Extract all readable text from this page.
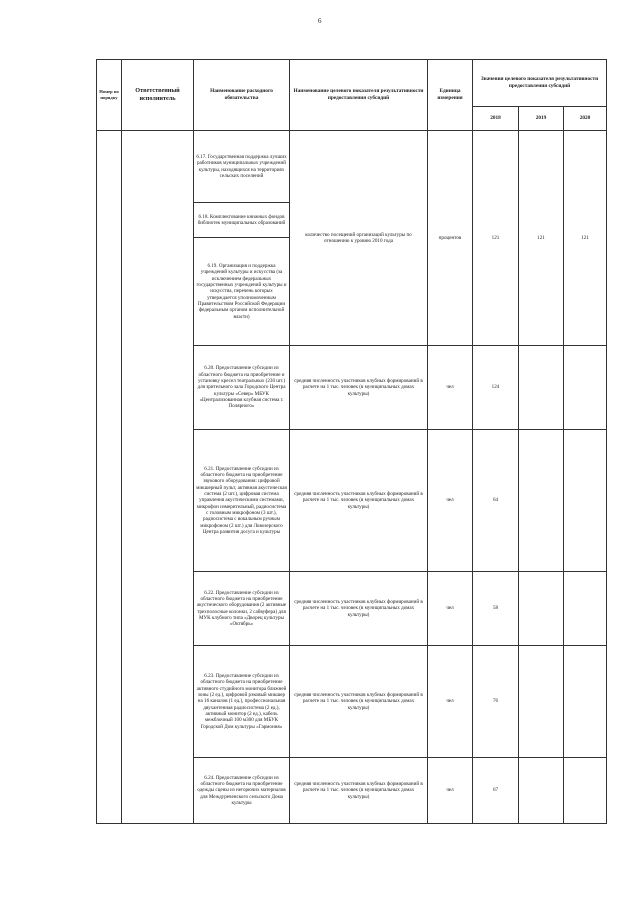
6
Номер по порядку	Ответственный исполнитель	Наименование расходного обязательства	Наименование целевого показателя результативности предоставления субсидий	Единица измерения	Значения целевого показателя результативности предоставления субсидий		
					2018	2019	2020
		6.17. Государственная поддержка лучших работников муниципальных учреждений культуры, находящихся на территориях сельских поселений	количество посещений организаций культуры по отношению к уровню 2010 года	процентов	121	121	121
		6.18. Комплектование книжных фондов библиотек муниципальных образований					
		6.19. Организация и поддержка учреждений культуры и искусства (за исключением федеральных государственных учреждений культуры и искусства, перечень которых утверждается уполномоченным Правительством Российской Федерации федеральным органом исполнительной власти)					
		6.20. Предоставление субсидии из областного бюджета на приобретение и установку кресел театральных (230 шт.) для зрительного зала Городского Центра культуры «Север» МБУК «Централизованная клубная система г. Полярного»	средняя численность участников клубных формирований в расчете на 1 тыс. человек (в муниципальных домах культуры)	чел	124		
		6.21. Предоставление субсидии из областного бюджета на приобретение звукового оборудования: цифровой микшерный пульт, активная акустическая система (2 шт.), цифровая система управления акустическими системами, микрофон измерительный, радиосистема с головным микрофоном (3 шт.), радиосистема с вокальным ручным микрофоном (2 шт.) для Ловозерского Центра развития досуга и культуры	средняя численность участников клубных формирований в расчете на 1 тыс. человек (в муниципальных домах культуры)	чел	64		
		6.22. Предоставление субсидии из областного бюджета на приобретение акустического оборудования (2 активные трехполосные колонки, 2 сабвуфера) для МУК клубного типа «Дворец культуры «Октябрь»	средняя численность участников клубных формирований в расчете на 1 тыс. человек (в муниципальных домах культуры)	чел	58		
		6.23. Предоставление субсидии из областного бюджета на приобретение активного студийного монитора ближней зоны (2 ед.), цифровой рэковый микшер на 16 каналов (1 ед.), профессиональная двухантенная радиосистема (2 ед.), активный монитор (2 ед.), кабель межблочный 100 м300 для МБУК Городской Дом культуры «Гармония»	средняя численность участников клубных формирований в расчете на 1 тыс. человек (в муниципальных домах культуры)	чел	76		
		6.24. Предоставление субсидии из областного бюджета на приобретение одежды сцены из негорючих материалов для Междуреченского сельского Дома культуры	средняя численность участников клубных формирований в расчете на 1 тыс. человек (в муниципальных домах культуры)	чел	67		
